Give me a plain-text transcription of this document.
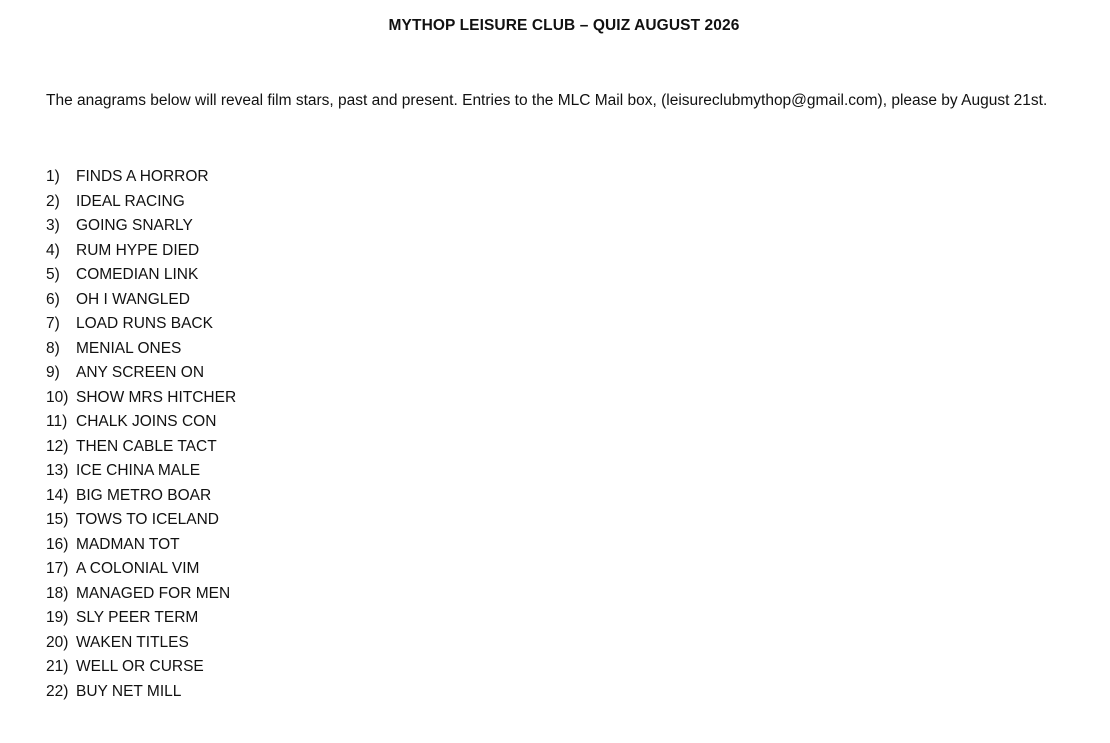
MYTHOP LEISURE CLUB – QUIZ AUGUST 2026
The anagrams below will reveal film stars, past and present. Entries to the MLC Mail box, (leisureclubmythop@gmail.com), please by August 21st.
1)	FINDS A HORROR
2)	IDEAL RACING
3)	GOING SNARLY
4)	RUM HYPE DIED
5)	COMEDIAN LINK
6)	OH I WANGLED
7)	LOAD RUNS BACK
8)	MENIAL ONES
9)	ANY SCREEN ON
10) SHOW MRS HITCHER
11) CHALK JOINS CON
12) THEN CABLE TACT
13) ICE CHINA MALE
14) BIG METRO BOAR
15) TOWS TO ICELAND
16) MADMAN TOT
17) A COLONIAL VIM
18) MANAGED FOR MEN
19) SLY PEER TERM
20) WAKEN TITLES
21) WELL OR CURSE
22) BUY NET MILL
